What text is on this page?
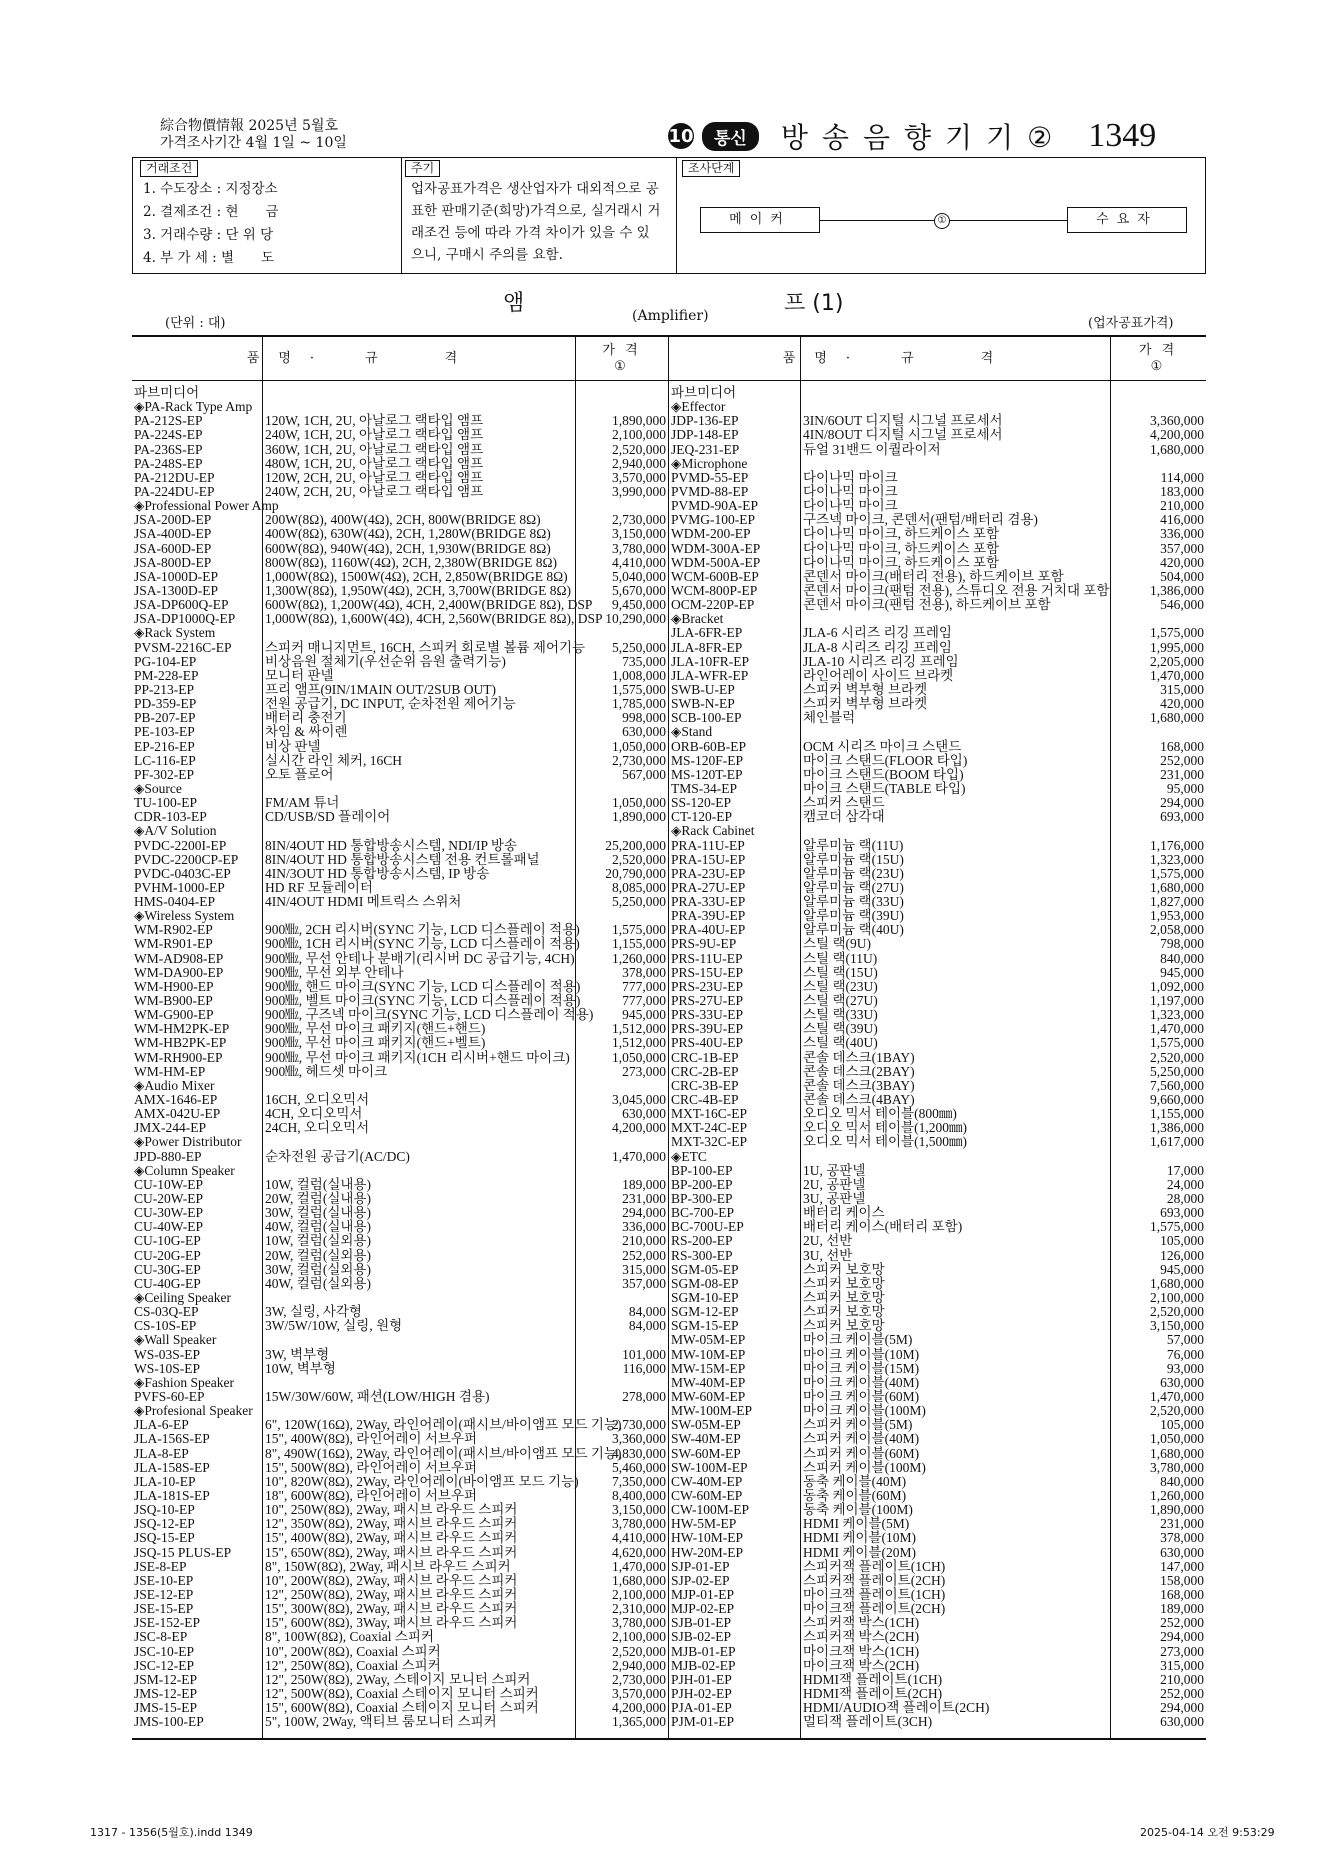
綜合物價情報 2025년 5월호
가격조사기간 4월 1일 ~ 10일	10	통신	방송음향기기② 1349
거래조건
1. 수도장소 : 지정장소
2. 결제조건 : 현　　금
3. 거래수량 : 단 위 당
4. 부 가 세 : 별　　도
주기
업자공표가격은 생산업자가 대외적으로 공표한 판매기준(희망)가격으로, 실거래시 거래조건 등에 따라 가격 차이가 있을 수 있으니, 구매시 주의를 요함.
조사단계
메이커	①	수요자
앰	프 (1)
(단위 : 대)	(Amplifier)	(업자공표가격)
품　명　·　　　규　　　　격
가 격
①
품　명　·　　　규　　　　격
가 격
①
파브미디어
◈PA-Rack Type Amp
PA-212S-EP	120W, 1CH, 2U, 아날로그 랙타입 앰프	1,890,000
PA-224S-EP	240W, 1CH, 2U, 아날로그 랙타입 앰프	2,100,000
PA-236S-EP	360W, 1CH, 2U, 아날로그 랙타입 앰프	2,520,000
PA-248S-EP	480W, 1CH, 2U, 아날로그 랙타입 앰프	2,940,000
PA-212DU-EP	120W, 2CH, 2U, 아날로그 랙타입 앰프	3,570,000
PA-224DU-EP	240W, 2CH, 2U, 아날로그 랙타입 앰프	3,990,000
◈Professional Power Amp
JSA-200D-EP	200W(8Ω), 400W(4Ω), 2CH, 800W(BRIDGE 8Ω)	2,730,000
JSA-400D-EP	400W(8Ω), 630W(4Ω), 2CH, 1,280W(BRIDGE 8Ω)	3,150,000
JSA-600D-EP	600W(8Ω), 940W(4Ω), 2CH, 1,930W(BRIDGE 8Ω)	3,780,000
JSA-800D-EP	800W(8Ω), 1160W(4Ω), 2CH, 2,380W(BRIDGE 8Ω)	4,410,000
JSA-1000D-EP	1,000W(8Ω), 1500W(4Ω), 2CH, 2,850W(BRIDGE 8Ω)	5,040,000
JSA-1300D-EP	1,300W(8Ω), 1,950W(4Ω), 2CH, 3,700W(BRIDGE 8Ω)	5,670,000
JSA-DP600Q-EP	600W(8Ω), 1,200W(4Ω), 4CH, 2,400W(BRIDGE 8Ω), DSP	9,450,000
JSA-DP1000Q-EP 1,000W(8Ω), 1,600W(4Ω), 4CH, 2,560W(BRIDGE 8Ω), DSP 10,290,000
◈Rack System
PVSM-2216C-EP 스피커 매니지먼트, 16CH, 스피커 회로별 볼륨 제어기능	5,250,000
PG-104-EP	비상음원 절체기(우선순위 음원 출력기능)	735,000
PM-228-EP	모니터 판넬	1,008,000
PP-213-EP	프리 앰프(9IN/1MAIN OUT/2SUB OUT)	1,575,000
PD-359-EP	전원 공급기, DC INPUT, 순차전원 제어기능	1,785,000
PB-207-EP	배터리 충전기	998,000
PE-103-EP	차임 & 싸이렌	630,000
EP-216-EP	비상 판넬	1,050,000
LC-116-EP	실시간 라인 체커, 16CH	2,730,000
PF-302-EP	오토 플로어	567,000
◈Source
TU-100-EP	FM/AM 튜너	1,050,000
CDR-103-EP	CD/USB/SD 플레이어	1,890,000
◈A/V Solution
PVDC-2200I-EP	8IN/4OUT HD 통합방송시스템, NDI/IP 방송	25,200,000
PVDC-2200CP-EP 8IN/4OUT HD 통합방송시스템 전용 컨트롤패널	2,520,000
PVDC-0403C-EP	4IN/3OUT HD 통합방송시스템, IP 방송	20,790,000
PVHM-1000-EP	HD RF 모듈레이터	8,085,000
HMS-0404-EP	4IN/4OUT HDMI 메트릭스 스위처	5,250,000
◈Wireless System
WM-R902-EP	900㎒, 2CH 리시버(SYNC 기능, LCD 디스플레이 적용)	1,575,000
WM-R901-EP	900㎒, 1CH 리시버(SYNC 기능, LCD 디스플레이 적용)	1,155,000
WM-AD908-EP	900㎒, 무선 안테나 분배기(리시버 DC 공급기능, 4CH)	1,260,000
WM-DA900-EP	900㎒, 무선 외부 안테나	378,000
WM-H900-EP	900㎒, 핸드 마이크(SYNC 기능, LCD 디스플레이 적용)	777,000
WM-B900-EP	900㎒, 벨트 마이크(SYNC 기능, LCD 디스플레이 적용)	777,000
WM-G900-EP	900㎒, 구즈넥 마이크(SYNC 기능, LCD 디스플레이 적용)	945,000
WM-HM2PK-EP	900㎒, 무선 마이크 패키지(핸드+핸드)	1,512,000
WM-HB2PK-EP	900㎒, 무선 마이크 패키지(핸드+벨트)	1,512,000
WM-RH900-EP	900㎒, 무선 마이크 패키지(1CH 리시버+핸드 마이크)	1,050,000
WM-HM-EP	900㎒, 헤드셋 마이크	273,000
◈Audio Mixer
AMX-1646-EP	16CH, 오디오믹서	3,045,000
AMX-042U-EP	4CH, 오디오믹서	630,000
JMX-244-EP	24CH, 오디오믹서	4,200,000
◈Power Distributor
JPD-880-EP	순차전원 공급기(AC/DC)	1,470,000
◈Column Speaker
CU-10W-EP	10W, 컬럼(실내용)	189,000
CU-20W-EP	20W, 컬럼(실내용)	231,000
CU-30W-EP	30W, 컬럼(실내용)	294,000
CU-40W-EP	40W, 컬럼(실내용)	336,000
CU-10G-EP	10W, 컬럼(실외용)	210,000
CU-20G-EP	20W, 컬럼(실외용)	252,000
CU-30G-EP	30W, 컬럼(실외용)	315,000
CU-40G-EP	40W, 컬럼(실외용)	357,000
◈Ceiling Speaker
CS-03Q-EP	3W, 실링, 사각형	84,000
CS-10S-EP	3W/5W/10W, 실링, 원형	84,000
◈Wall Speaker
WS-03S-EP	3W, 벽부형	101,000
WS-10S-EP	10W, 벽부형	116,000
◈Fashion Speaker
PVFS-60-EP	15W/30W/60W, 패션(LOW/HIGH 겸용)	278,000
◈Profesional Speaker
JLA-6-EP	6", 120W(16Ω), 2Way, 라인어레이(패시브/바이앰프 모드 기능)
2,730,000
JLA-156S-EP	15", 400W(8Ω), 라인어레이 서브우퍼	3,360,000
JLA-8-EP	8", 490W(16Ω), 2Way, 라인어레이(패시브/바이앰프 모드 기능)
4,830,000
JLA-158S-EP	15", 500W(8Ω), 라인어레이 서브우퍼	5,460,000
JLA-10-EP	10", 820W(8Ω), 2Way, 라인어레이(바이앰프 모드 기능)	7,350,000
JLA-181S-EP	18", 600W(8Ω), 라인어레이 서브우퍼	8,400,000
JSQ-10-EP	10", 250W(8Ω), 2Way, 패시브 라우드 스피커	3,150,000
JSQ-12-EP	12", 350W(8Ω), 2Way, 패시브 라우드 스피커	3,780,000
JSQ-15-EP	15", 400W(8Ω), 2Way, 패시브 라우드 스피커	4,410,000
JSQ-15 PLUS-EP	15", 650W(8Ω), 2Way, 패시브 라우드 스피커	4,620,000
JSE-8-EP	8", 150W(8Ω), 2Way, 패시브 라우드 스피커	1,470,000
JSE-10-EP	10", 200W(8Ω), 2Way, 패시브 라우드 스피커	1,680,000
JSE-12-EP	12", 250W(8Ω), 2Way, 패시브 라우드 스피커	2,100,000
JSE-15-EP	15", 300W(8Ω), 2Way, 패시브 라우드 스피커	2,310,000
JSE-152-EP	15", 600W(8Ω), 3Way, 패시브 라우드 스피커	3,780,000
JSC-8-EP	8", 100W(8Ω), Coaxial 스피커	2,100,000
JSC-10-EP	10", 200W(8Ω), Coaxial 스피커	2,520,000
JSC-12-EP	12", 250W(8Ω), Coaxial 스피커	2,940,000
JSM-12-EP	12", 250W(8Ω), 2Way, 스테이지 모니터 스피커	2,730,000
JMS-12-EP	12", 500W(8Ω), Coaxial 스테이지 모니터 스피커	3,570,000
JMS-15-EP	15", 600W(8Ω), Coaxial 스테이지 모니터 스피커	4,200,000
JMS-100-EP	5", 100W, 2Way, 액티브 룸모니터 스피커	1,365,000
파브미디어
◈Effector
JDP-136-EP	3IN/6OUT 디지털 시그널 프로세서	3,360,000
JDP-148-EP	4IN/8OUT 디지털 시그널 프로세서	4,200,000
JEQ-231-EP	듀얼 31밴드 이퀄라이저	1,680,000
◈Microphone
PVMD-55-EP	다이나믹 마이크	114,000
PVMD-88-EP	다이나믹 마이크	183,000
PVMD-90A-EP	다이나믹 마이크	210,000
PVMG-100-EP	구즈넥 마이크, 콘덴서(팬텀/배터리 겸용)	416,000
WDM-200-EP	다이나믹 마이크, 하드케이스 포함	336,000
WDM-300A-EP	다이나믹 마이크, 하드케이스 포함	357,000
WDM-500A-EP	다이나믹 마이크, 하드케이스 포함	420,000
WCM-600B-EP	콘덴서 마이크(배터리 전용), 하드케이브 포함	504,000
WCM-800P-EP	콘덴서 마이크(팬텀 전용), 스튜디오 전용 거치대 포함	1,386,000
OCM-220P-EP	콘덴서 마이크(팬텀 전용), 하드케이브 포함	546,000
◈Bracket
JLA-6FR-EP	JLA-6 시리즈 리깅 프레임	1,575,000
JLA-8FR-EP	JLA-8 시리즈 리깅 프레임	1,995,000
JLA-10FR-EP	JLA-10 시리즈 리깅 프레임	2,205,000
JLA-WFR-EP	라인어레이 사이드 브라켓	1,470,000
SWB-U-EP	스피커 벽부형 브라켓	315,000
SWB-N-EP	스피커 벽부형 브라켓	420,000
SCB-100-EP	체인블럭	1,680,000
◈Stand
ORB-60B-EP	OCM 시리즈 마이크 스탠드	168,000
MS-120F-EP	마이크 스탠드(FLOOR 타입)	252,000
MS-120T-EP	마이크 스탠드(BOOM 타입)	231,000
TMS-34-EP	마이크 스탠드(TABLE 타입)	95,000
SS-120-EP	스피커 스탠드	294,000
CT-120-EP	캠코더 삼각대	693,000
◈Rack Cabinet
PRA-11U-EP	알루미늄 랙(11U)	1,176,000
PRA-15U-EP	알루미늄 랙(15U)	1,323,000
PRA-23U-EP	알루미늄 랙(23U)	1,575,000
PRA-27U-EP	알루미늄 랙(27U)	1,680,000
PRA-33U-EP	알루미늄 랙(33U)	1,827,000
PRA-39U-EP	알루미늄 랙(39U)	1,953,000
PRA-40U-EP	알루미늄 랙(40U)	2,058,000
PRS-9U-EP	스틸 랙(9U)	798,000
PRS-11U-EP	스틸 랙(11U)	840,000
PRS-15U-EP	스틸 랙(15U)	945,000
PRS-23U-EP	스틸 랙(23U)	1,092,000
PRS-27U-EP	스틸 랙(27U)	1,197,000
PRS-33U-EP	스틸 랙(33U)	1,323,000
PRS-39U-EP	스틸 랙(39U)	1,470,000
PRS-40U-EP	스틸 랙(40U)	1,575,000
CRC-1B-EP	콘솔 데스크(1BAY)	2,520,000
CRC-2B-EP	콘솔 데스크(2BAY)	5,250,000
CRC-3B-EP	콘솔 데스크(3BAY)	7,560,000
CRC-4B-EP	콘솔 데스크(4BAY)	9,660,000
MXT-16C-EP	오디오 믹서 테이블(800㎜)	1,155,000
MXT-24C-EP	오디오 믹서 테이블(1,200㎜)	1,386,000
MXT-32C-EP	오디오 믹서 테이블(1,500㎜)	1,617,000
◈ETC
BP-100-EP	1U, 공판넬	17,000
BP-200-EP	2U, 공판넬	24,000
BP-300-EP	3U, 공판넬	28,000
BC-700-EP	배터리 케이스	693,000
BC-700U-EP	배터리 케이스(배터리 포함)	1,575,000
RS-200-EP	2U, 선반	105,000
RS-300-EP	3U, 선반	126,000
SGM-05-EP	스피커 보호망	945,000
SGM-08-EP	스피커 보호망	1,680,000
SGM-10-EP	스피커 보호망	2,100,000
SGM-12-EP	스피커 보호망	2,520,000
SGM-15-EP	스피커 보호망	3,150,000
MW-05M-EP	마이크 케이블(5M)	57,000
MW-10M-EP	마이크 케이블(10M)	76,000
MW-15M-EP	마이크 케이블(15M)	93,000
MW-40M-EP	마이크 케이블(40M)	630,000
MW-60M-EP	마이크 케이블(60M)	1,470,000
MW-100M-EP	마이크 케이블(100M)	2,520,000
SW-05M-EP	스피커 케이블(5M)	105,000
SW-40M-EP	스피커 케이블(40M)	1,050,000
SW-60M-EP	스피커 케이블(60M)	1,680,000
SW-100M-EP	스피커 케이블(100M)	3,780,000
CW-40M-EP	동축 케이블(40M)	840,000
CW-60M-EP	동축 케이블(60M)	1,260,000
CW-100M-EP	동축 케이블(100M)	1,890,000
HW-5M-EP	HDMI 케이블(5M)	231,000
HW-10M-EP	HDMI 케이블(10M)	378,000
HW-20M-EP	HDMI 케이블(20M)	630,000
SJP-01-EP	스피커잭 플레이트(1CH)	147,000
SJP-02-EP	스피커잭 플레이트(2CH)	158,000
MJP-01-EP	마이크잭 플레이트(1CH)	168,000
MJP-02-EP	마이크잭 플레이트(2CH)	189,000
SJB-01-EP	스피커잭 박스(1CH)	252,000
SJB-02-EP	스피커잭 박스(2CH)	294,000
MJB-01-EP	마이크잭 박스(1CH)	273,000
MJB-02-EP	마이크잭 박스(2CH)	315,000
PJH-01-EP	HDMI잭 플레이트(1CH)	210,000
PJH-02-EP	HDMI잭 플레이트(2CH)	252,000
PJA-01-EP	HDMI/AUDIO잭 플레이트(2CH)	294,000
PJM-01-EP	멀티잭 플레이트(3CH)	630,000
1317 - 1356(5월호).indd 1349	2025-04-14 오전 9:53:29
